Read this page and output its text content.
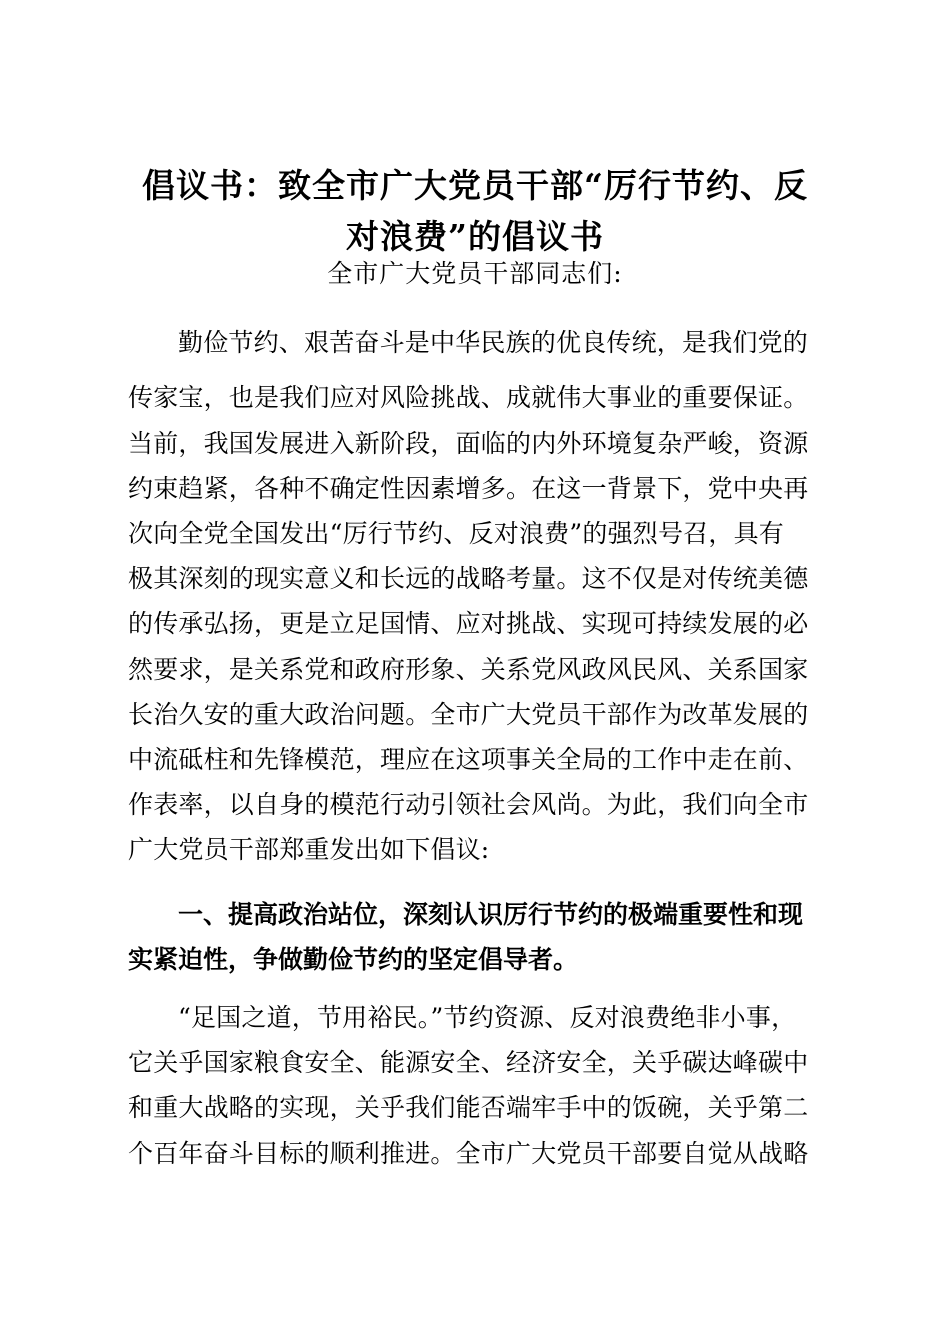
倡议书：致全市广大党员干部“厉行节约、反
对浪费”的倡议书

全市广大党员干部同志们:

勤俭节约、艰苦奋斗是中华民族的优良传统，是我们党的

传家宝，也是我们应对风险挑战、成就伟大事业的重要保证。

当前，我国发展进入新阶段，面临的内外环境复杂严峻，资源

约束趋紧，各种不确定性因素增多。在这一背景下，党中央再

次向全党全国发出“厉行节约、反对浪费”的强烈号召，具有

极其深刻的现实意义和长远的战略考量。这不仅是对传统美德

的传承弘扬，更是立足国情、应对挑战、实现可持续发展的必

然要求，是关系党和政府形象、关系党风政风民风、关系国家

长治久安的重大政治问题。全市广大党员干部作为改革发展的

中流砥柱和先锋模范，理应在这项事关全局的工作中走在前、

作表率，以自身的模范行动引领社会风尚。为此，我们向全市

广大党员干部郑重发出如下倡议:

一、提高政治站位，深刻认识厉行节约的极端重要性和现

实紧迫性，争做勤俭节约的坚定倡导者。

“足国之道，节用裕民。”节约资源、反对浪费绝非小事，

它关乎国家粮食安全、能源安全、经济安全，关乎碳达峰碳中

和重大战略的实现，关乎我们能否端牢手中的饭碗，关乎第二

个百年奋斗目标的顺利推进。全市广大党员干部要自觉从战略
